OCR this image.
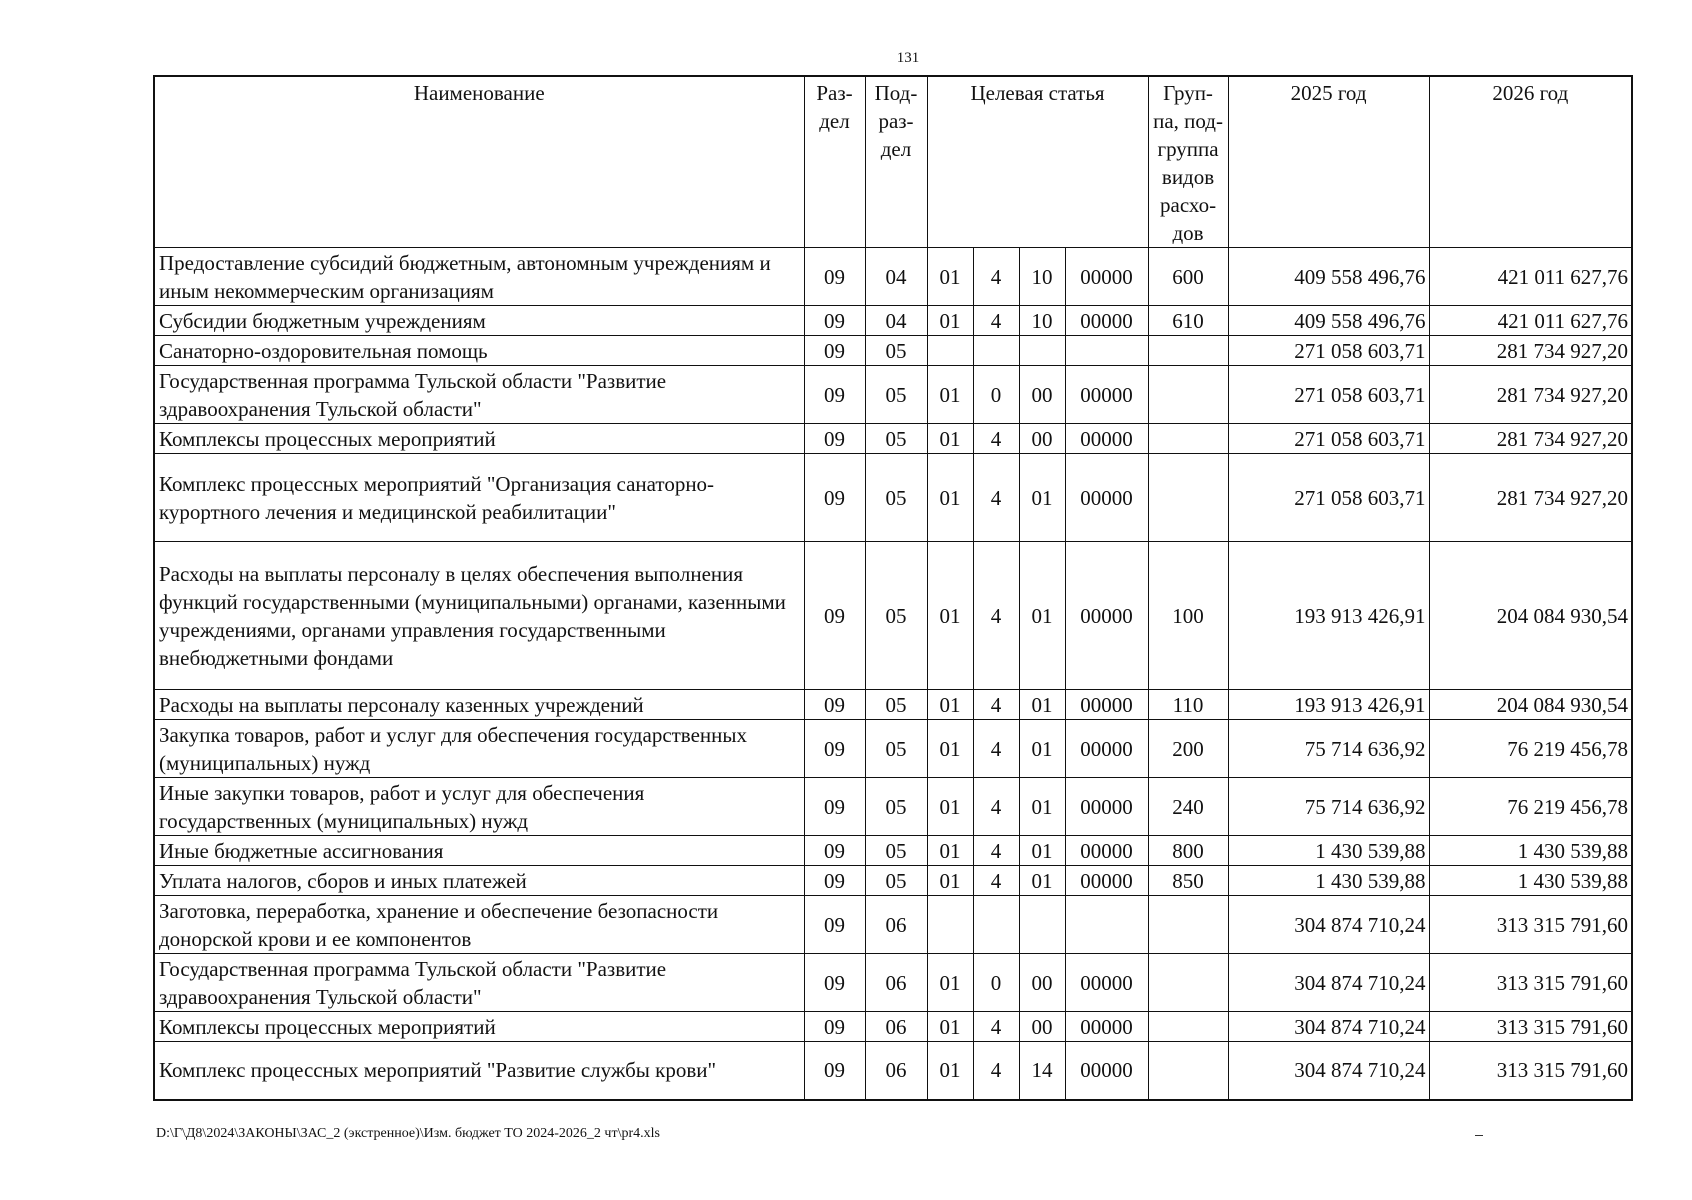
131
Наименование	Раз-дел	Под-раз-дел	Целевая статья				Груп-па, под-группа видов расхо-дов	2025 год	2026 год
Предоставление субсидий бюджетным, автономным учреждениям и иным некоммерческим организациям	09	04	01	4	10	00000	600	409 558 496,76	421 011 627,76
Субсидии бюджетным учреждениям	09	04	01	4	10	00000	610	409 558 496,76	421 011 627,76
Санаторно-оздоровительная помощь	09	05						271 058 603,71	281 734 927,20
Государственная программа Тульской области "Развитие здравоохранения Тульской области"	09	05	01	0	00	00000		271 058 603,71	281 734 927,20
Комплексы процессных мероприятий	09	05	01	4	00	00000		271 058 603,71	281 734 927,20
Комплекс процессных мероприятий "Организация санаторно-курортного лечения и медицинской реабилитации"	09	05	01	4	01	00000		271 058 603,71	281 734 927,20
Расходы на выплаты персоналу в целях обеспечения выполнения функций государственными (муниципальными) органами, казенными учреждениями, органами управления государственными внебюджетными фондами	09	05	01	4	01	00000	100	193 913 426,91	204 084 930,54
Расходы на выплаты персоналу казенных учреждений	09	05	01	4	01	00000	110	193 913 426,91	204 084 930,54
Закупка товаров, работ и услуг для обеспечения государственных (муниципальных) нужд	09	05	01	4	01	00000	200	75 714 636,92	76 219 456,78
Иные закупки товаров, работ и услуг для обеспечения государственных (муниципальных) нужд	09	05	01	4	01	00000	240	75 714 636,92	76 219 456,78
Иные бюджетные ассигнования	09	05	01	4	01	00000	800	1 430 539,88	1 430 539,88
Уплата налогов, сборов и иных платежей	09	05	01	4	01	00000	850	1 430 539,88	1 430 539,88
Заготовка, переработка, хранение и обеспечение безопасности донорской крови и ее компонентов	09	06						304 874 710,24	313 315 791,60
Государственная программа Тульской области "Развитие здравоохранения Тульской области"	09	06	01	0	00	00000		304 874 710,24	313 315 791,60
Комплексы процессных мероприятий	09	06	01	4	00	00000		304 874 710,24	313 315 791,60
Комплекс процессных мероприятий "Развитие службы крови"	09	06	01	4	14	00000		304 874 710,24	313 315 791,60
D:\Г\Д8\2024\ЗАКОНЫ\ЗАС_2 (экстренное)\Изм. бюджет ТО 2024-2026_2 чт\pr4.xls
